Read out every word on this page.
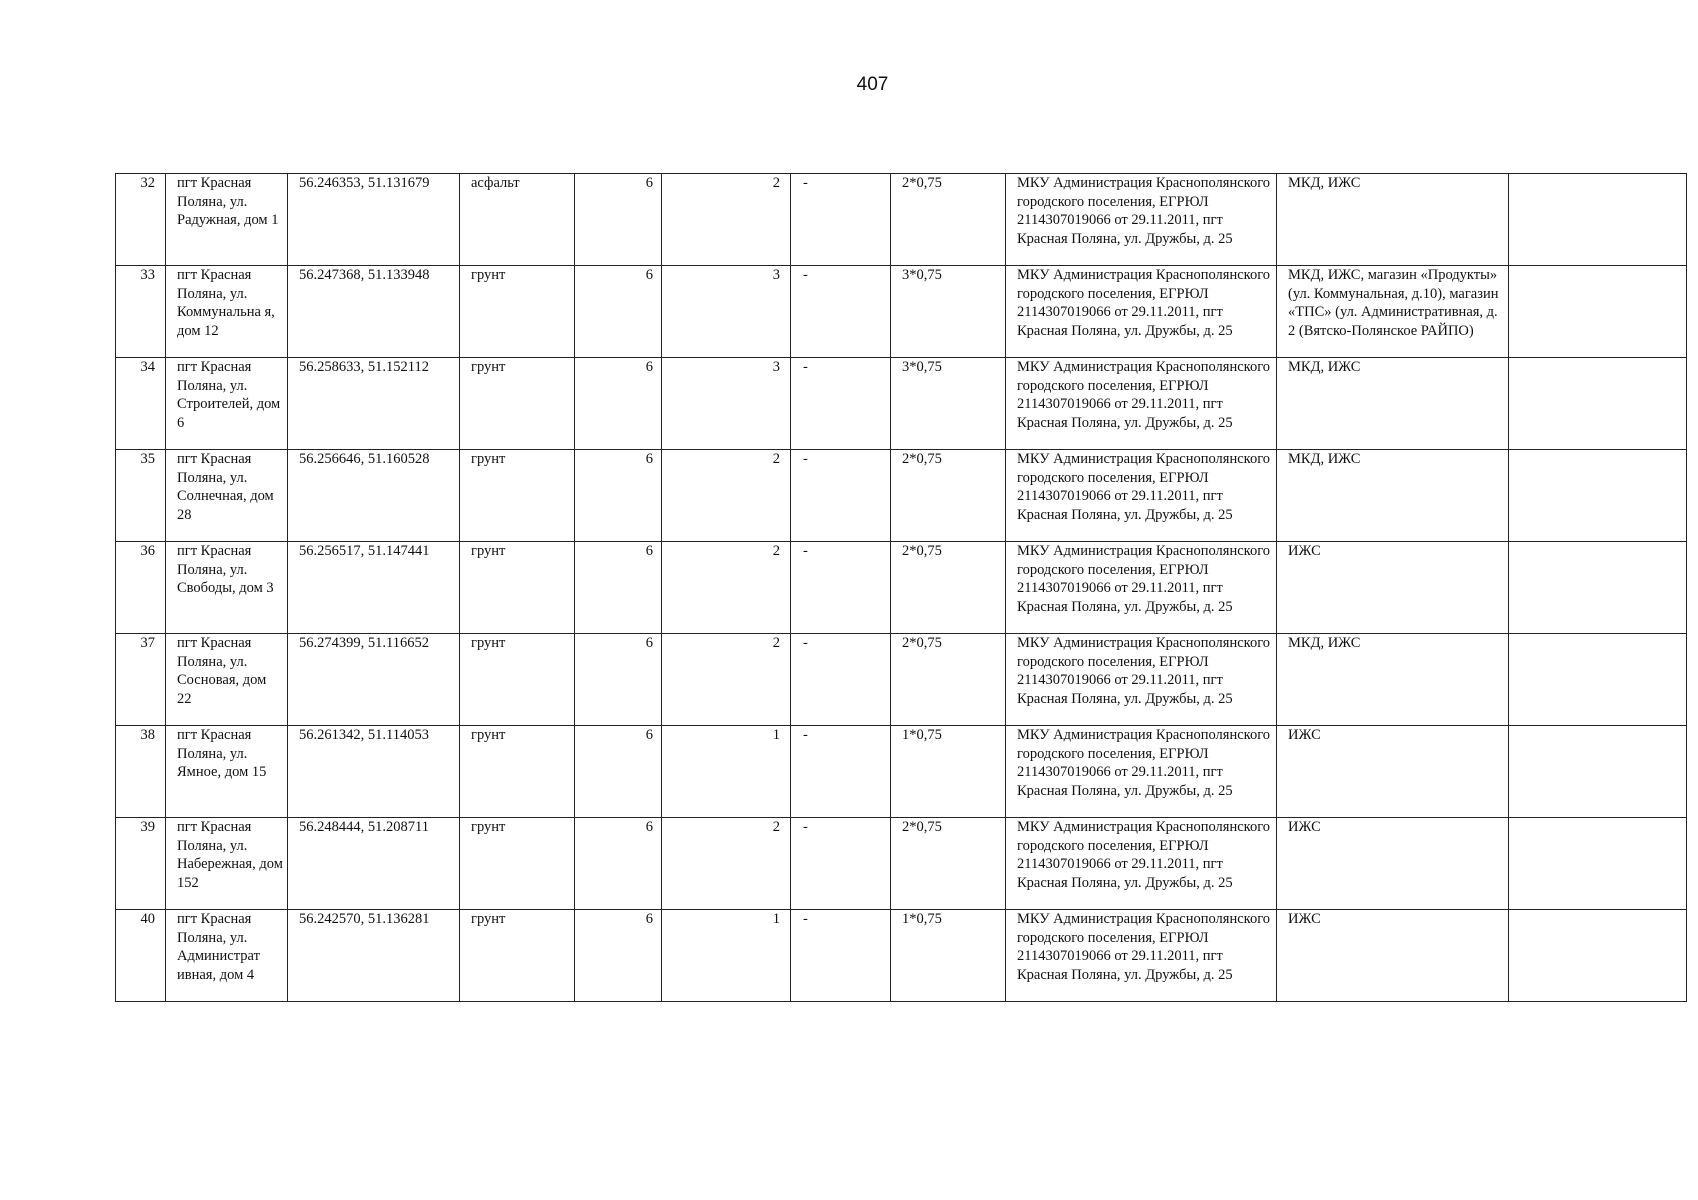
407
32	пгт Красная Поляна, ул. Радужная, дом 1	56.246353, 51.131679	асфальт	6	2	-	2*0,75	МКУ Администрация Краснополянского городского поселения, ЕГРЮЛ 2114307019066 от 29.11.2011, пгт Красная Поляна, ул. Дружбы, д. 25	МКД, ИЖС	
33	пгт Красная Поляна, ул. Коммунальна я, дом 12	56.247368, 51.133948	грунт	6	3	-	3*0,75	МКУ Администрация Краснополянского городского поселения, ЕГРЮЛ 2114307019066 от 29.11.2011, пгт Красная Поляна, ул. Дружбы, д. 25	МКД, ИЖС, магазин «Продукты» (ул. Коммунальная, д.10), магазин «ТПС» (ул. Административная, д. 2 (Вятско-Полянское РАЙПО)	
34	пгт Красная Поляна, ул. Строителей, дом 6	56.258633, 51.152112	грунт	6	3	-	3*0,75	МКУ Администрация Краснополянского городского поселения, ЕГРЮЛ 2114307019066 от 29.11.2011, пгт Красная Поляна, ул. Дружбы, д. 25	МКД, ИЖС	
35	пгт Красная Поляна, ул. Солнечная, дом 28	56.256646, 51.160528	грунт	6	2	-	2*0,75	МКУ Администрация Краснополянского городского поселения, ЕГРЮЛ 2114307019066 от 29.11.2011, пгт Красная Поляна, ул. Дружбы, д. 25	МКД, ИЖС	
36	пгт Красная Поляна, ул. Свободы, дом 3	56.256517, 51.147441	грунт	6	2	-	2*0,75	МКУ Администрация Краснополянского городского поселения, ЕГРЮЛ 2114307019066 от 29.11.2011, пгт Красная Поляна, ул. Дружбы, д. 25	ИЖС	
37	пгт Красная Поляна, ул. Сосновая, дом 22	56.274399, 51.116652	грунт	6	2	-	2*0,75	МКУ Администрация Краснополянского городского поселения, ЕГРЮЛ 2114307019066 от 29.11.2011, пгт Красная Поляна, ул. Дружбы, д. 25	МКД, ИЖС	
38	пгт Красная Поляна, ул. Ямное, дом 15	56.261342, 51.114053	грунт	6	1	-	1*0,75	МКУ Администрация Краснополянского городского поселения, ЕГРЮЛ 2114307019066 от 29.11.2011, пгт Красная Поляна, ул. Дружбы, д. 25	ИЖС	
39	пгт Красная Поляна, ул. Набережная, дом 152	56.248444, 51.208711	грунт	6	2	-	2*0,75	МКУ Администрация Краснополянского городского поселения, ЕГРЮЛ 2114307019066 от 29.11.2011, пгт Красная Поляна, ул. Дружбы, д. 25	ИЖС	
40	пгт Красная Поляна, ул. Администрат ивная, дом 4	56.242570, 51.136281	грунт	6	1	-	1*0,75	МКУ Администрация Краснополянского городского поселения, ЕГРЮЛ 2114307019066 от 29.11.2011, пгт Красная Поляна, ул. Дружбы, д. 25	ИЖС	
